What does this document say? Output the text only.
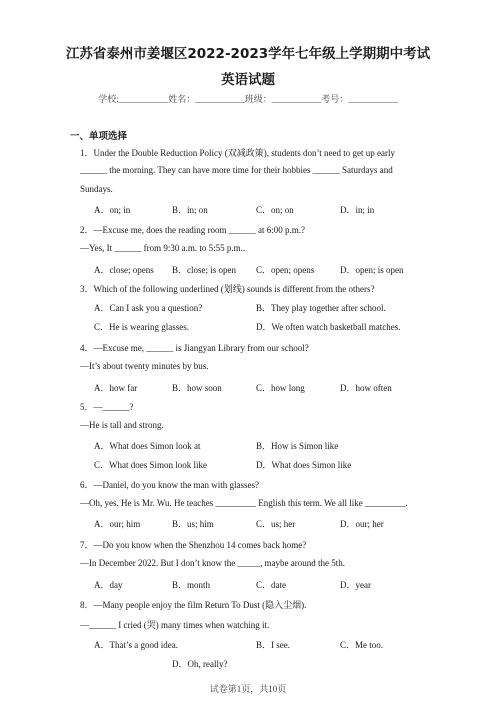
江苏省泰州市姜堰区2022-2023学年七年级上学期期中考试
英语试题
学校:___________姓名：___________班级：___________考号：___________
一、单项选择
1．Under the Double Reduction Policy (双减政策), students don’t need to get up early
______ the morning. They can have more time for their hobbies ______ Saturdays and
Sundays.
A．on; in	B．in; on	C．on; on	D．in; in
2．—Excuse me, does the reading room ______ at 6:00 p.m.?
—Yes, It ______ from 9:30 a.m. to 5:55 p.m..
A．close; opens B．close; is open C．open; opens	D．open; is open
3．Which of the following underlined (划线) sounds is different from the others?
A．Can I ask you a question?	B．They play together after school.
C．He is wearing glasses.	D．We often watch basketball matches.
4．—Excuse me, ______ is Jiangyan Library from our school?
—It’s about twenty minutes by bus.
A．how far	B．how soon	C．how long	D．how often
5．—______?
—He is tall and strong.
A．What does Simon look at	B．How is Simon like
C．What does Simon look like	D．What does Simon like
6．—Daniel, do you know the man with glasses?
—Oh, yes. He is Mr. Wu. He teaches _________ English this term. We all like _________.
A．our; him	B．us; him	C．us; her	D．our; her
7．—Do you know when the Shenzhou 14 comes back home?
—In December 2022. But I don’t know the _____, maybe around the 5th.
A．day	B．month	C．date	D．year
8．—Many people enjoy the film Return To Dust (隐入尘烟).
—______ I cried (哭) many times when watching it.
A．That’s a good idea.	B．I see.	C．Me too.
D．Oh, really?
试卷第1页，共10页
